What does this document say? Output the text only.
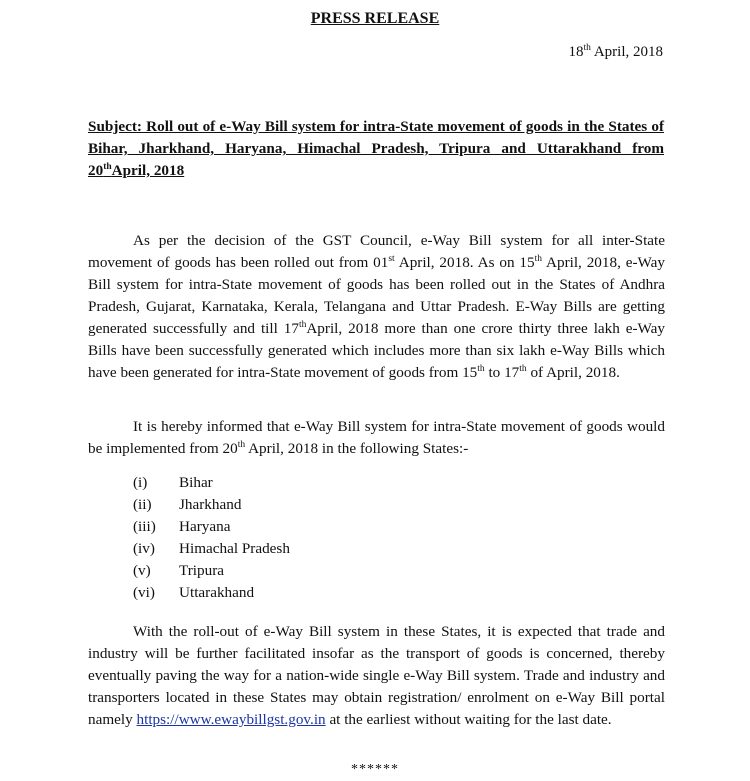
PRESS RELEASE
18th April, 2018
Subject: Roll out of e-Way Bill system for intra-State movement of goods in the States of Bihar, Jharkhand, Haryana, Himachal Pradesh, Tripura and Uttarakhand from 20thApril, 2018
As per the decision of the GST Council, e-Way Bill system for all inter-State movement of goods has been rolled out from 01st April, 2018. As on 15th April, 2018, e-Way Bill system for intra-State movement of goods has been rolled out in the States of Andhra Pradesh, Gujarat, Karnataka, Kerala, Telangana and Uttar Pradesh. E-Way Bills are getting generated successfully and till 17thApril, 2018 more than one crore thirty three lakh e-Way Bills have been successfully generated which includes more than six lakh e-Way Bills which have been generated for intra-State movement of goods from 15th to 17th of April, 2018.
It is hereby informed that e-Way Bill system for intra-State movement of goods would be implemented from 20th April, 2018 in the following States:-
(i)	Bihar
(ii)	Jharkhand
(iii)	Haryana
(iv)	Himachal Pradesh
(v)	Tripura
(vi)	Uttarakhand
With the roll-out of e-Way Bill system in these States, it is expected that trade and industry will be further facilitated insofar as the transport of goods is concerned, thereby eventually paving the way for a nation-wide single e-Way Bill system. Trade and industry and transporters located in these States may obtain registration/ enrolment on e-Way Bill portal namely https://www.ewaybillgst.gov.in at the earliest without waiting for the last date.
******
